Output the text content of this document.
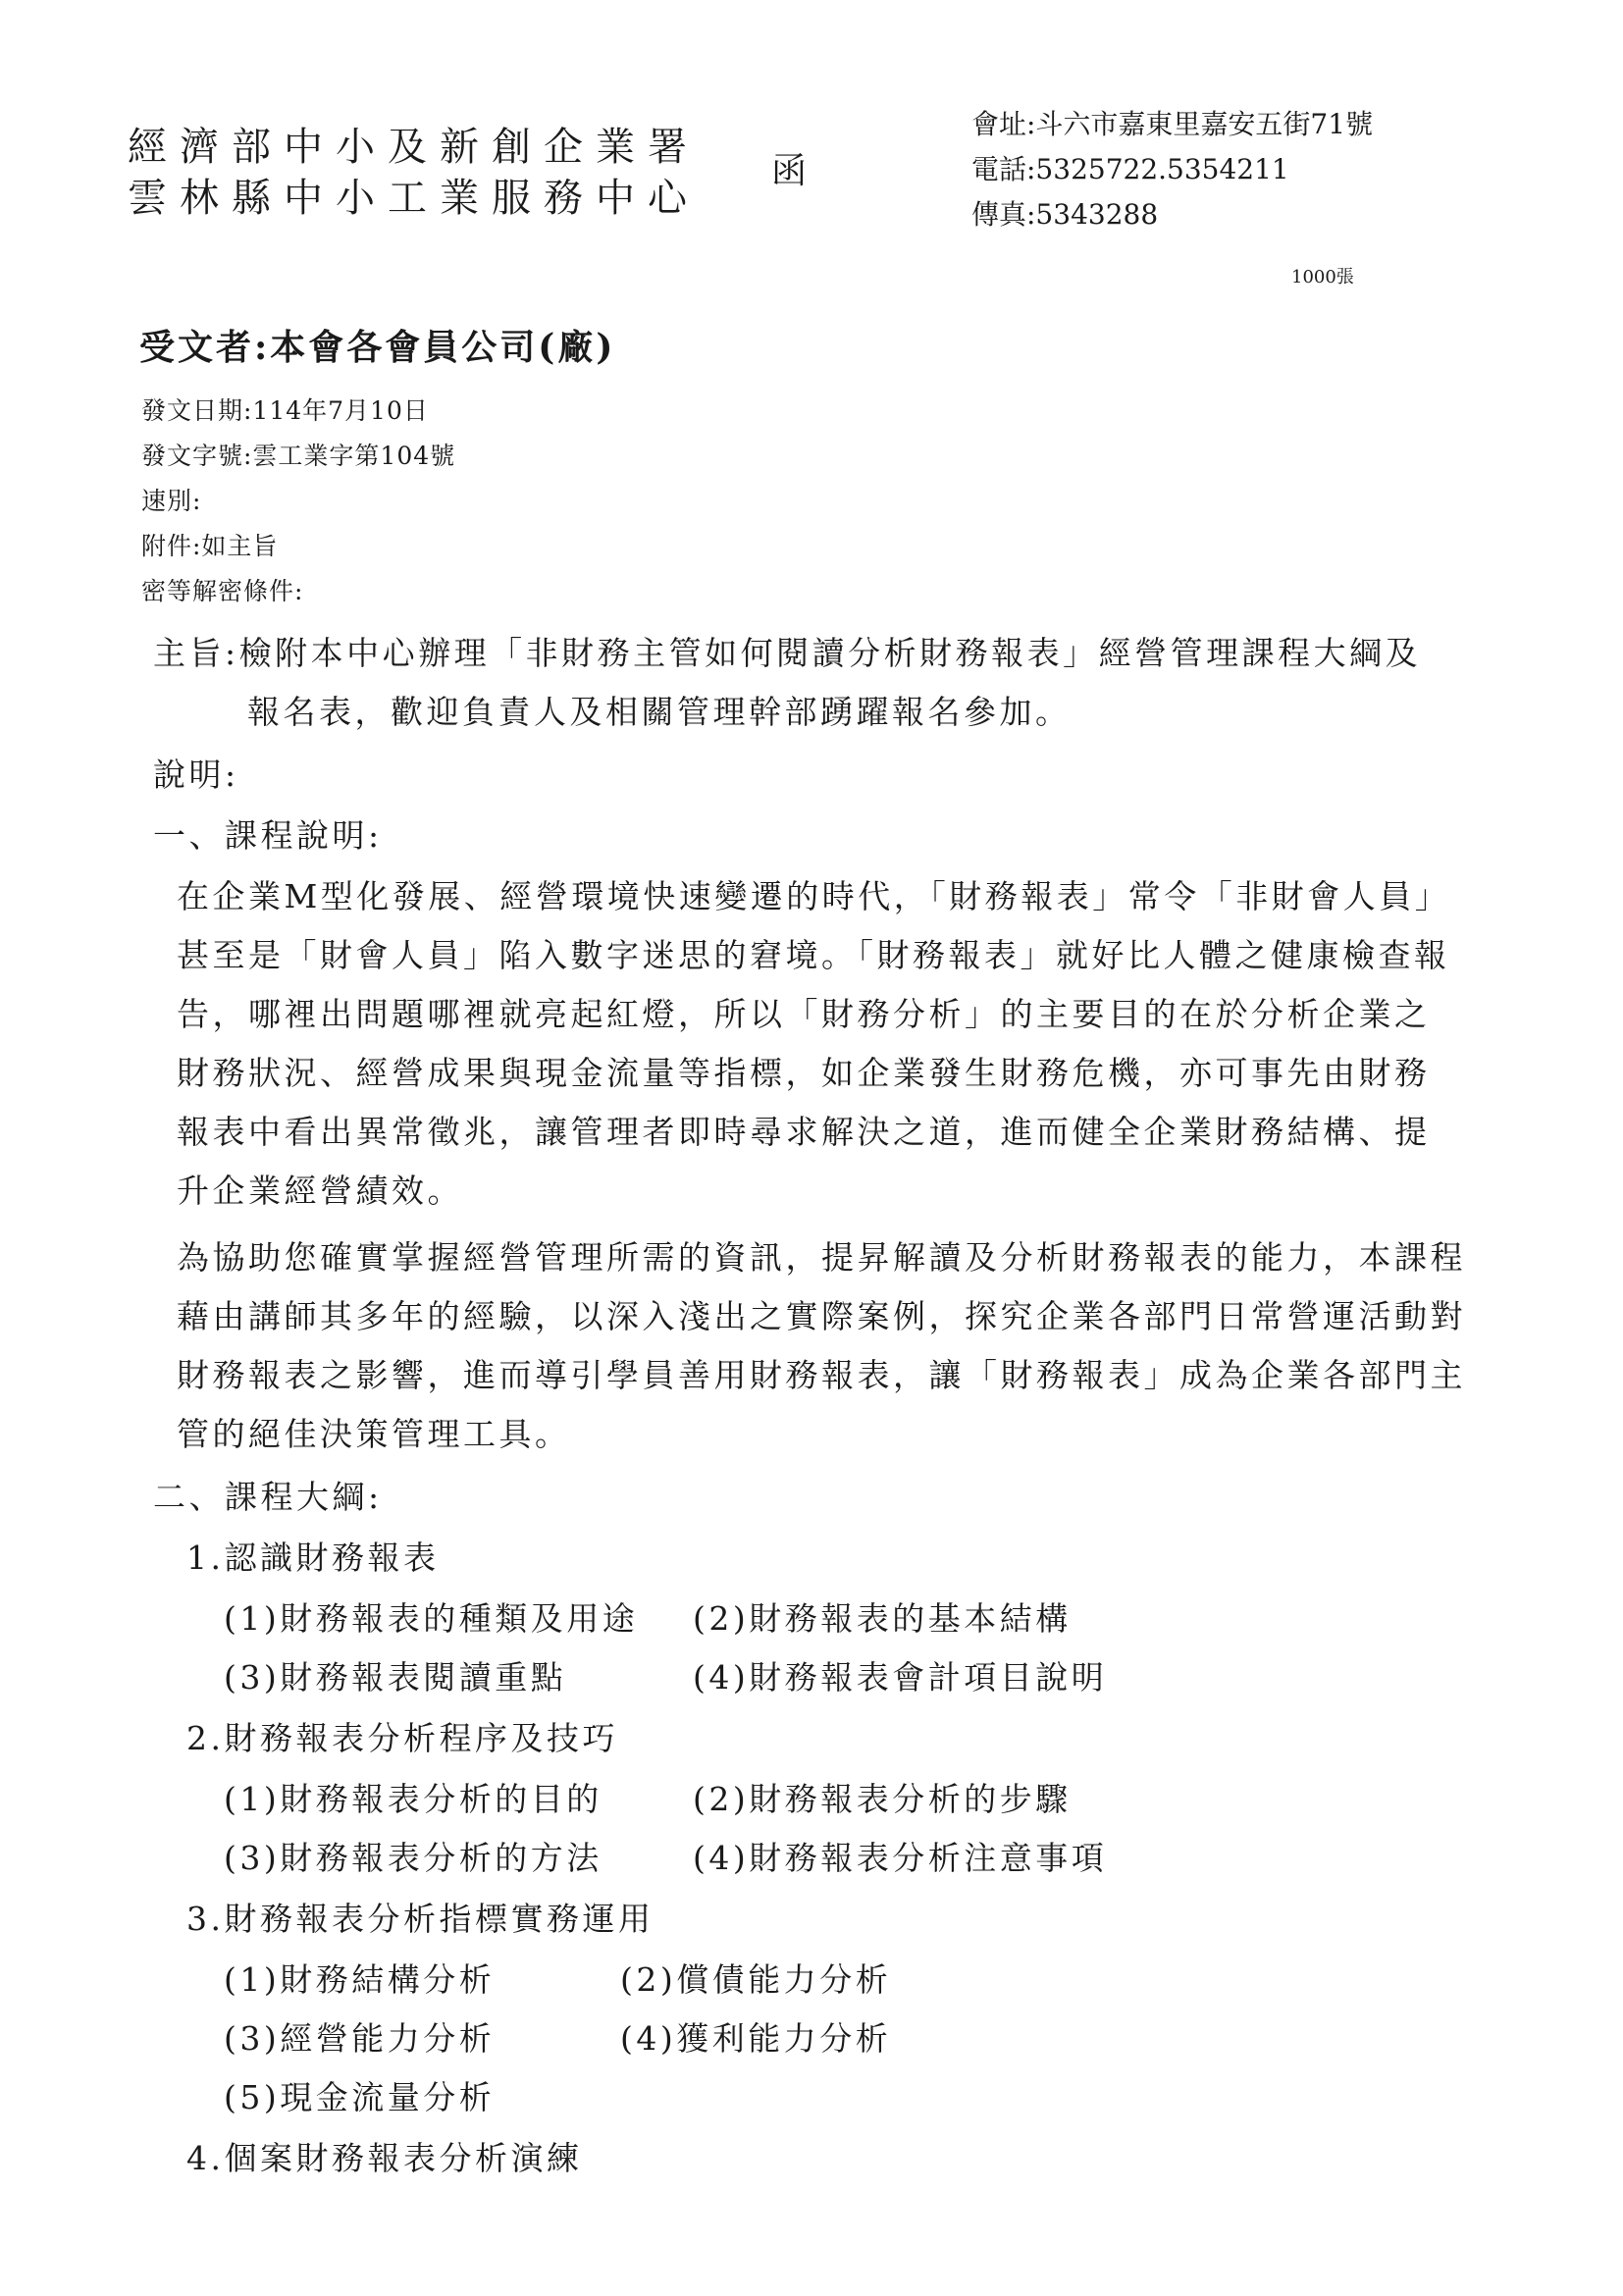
經濟部中小及新創企業署
雲林縣中小工業服務中心
函
會址:斗六市嘉東里嘉安五街71號
電話:5325722.5354211
傳真:5343288
1000張
受文者:本會各會員公司(廠)
發文日期:114年7月10日
發文字號:雲工業字第104號
速別:
附件:如主旨
密等解密條件:
主旨:檢附本中心辦理「非財務主管如何閱讀分析財務報表」經營管理課程大綱及
報名表，歡迎負責人及相關管理幹部踴躍報名參加。
說明:
一、課程說明:
在企業M型化發展、經營環境快速變遷的時代，「財務報表」常令「非財會人員」
甚至是「財會人員」陷入數字迷思的窘境。「財務報表」就好比人體之健康檢查報
告，哪裡出問題哪裡就亮起紅燈，所以「財務分析」的主要目的在於分析企業之
財務狀況、經營成果與現金流量等指標，如企業發生財務危機，亦可事先由財務
報表中看出異常徵兆，讓管理者即時尋求解決之道，進而健全企業財務結構、提
升企業經營績效。
為協助您確實掌握經營管理所需的資訊，提昇解讀及分析財務報表的能力，本課程
藉由講師其多年的經驗，以深入淺出之實際案例，探究企業各部門日常營運活動對
財務報表之影響，進而導引學員善用財務報表，讓「財務報表」成為企業各部門主
管的絕佳決策管理工具。
二、課程大綱:
1.認識財務報表
(1)財務報表的種類及用途 (2)財務報表的基本結構
(3)財務報表閱讀重點	(4)財務報表會計項目說明
2.財務報表分析程序及技巧
(1)財務報表分析的目的	(2)財務報表分析的步驟
(3)財務報表分析的方法	(4)財務報表分析注意事項
3.財務報表分析指標實務運用
(1)財務結構分析	(2)償債能力分析
(3)經營能力分析	(4)獲利能力分析
(5)現金流量分析
4.個案財務報表分析演練
